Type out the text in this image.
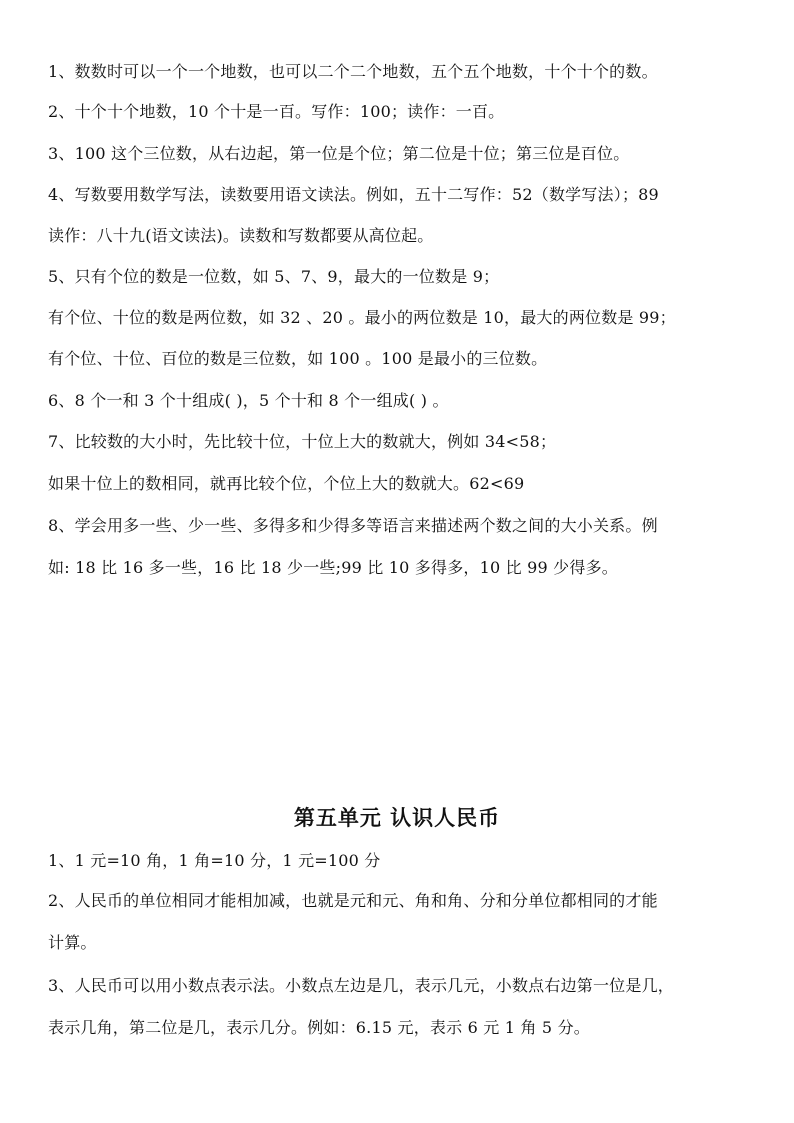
1、数数时可以一个一个地数，也可以二个二个地数，五个五个地数，十个十个的数。
2、十个十个地数，10 个十是一百。写作：100；读作：一百。
3、100 这个三位数，从右边起，第一位是个位；第二位是十位；第三位是百位。
4、写数要用数学写法，读数要用语文读法。例如，五十二写作：52（数学写法）；89
读作：八十九(语文读法)。读数和写数都要从高位起。
5、只有个位的数是一位数，如 5、7、9，最大的一位数是 9；
有个位、十位的数是两位数，如 32 、20 。最小的两位数是 10，最大的两位数是 99；
有个位、十位、百位的数是三位数，如 100 。100 是最小的三位数。
6、8 个一和 3 个十组成( )，5 个十和 8 个一组成( ) 。
7、比较数的大小时，先比较十位，十位上大的数就大，例如 34<58；
如果十位上的数相同，就再比较个位，个位上大的数就大。62<69
8、学会用多一些、少一些、多得多和少得多等语言来描述两个数之间的大小关系。例
如: 18 比 16 多一些，16 比 18 少一些;99 比 10 多得多，10 比 99 少得多。
第五单元 认识人民币
1、1 元=10 角，1 角=10 分，1 元=100 分
2、人民币的单位相同才能相加减，也就是元和元、角和角、分和分单位都相同的才能
计算。
3、人民币可以用小数点表示法。小数点左边是几，表示几元，小数点右边第一位是几，
表示几角，第二位是几，表示几分。例如：6.15 元，表示 6 元 1 角 5 分。
